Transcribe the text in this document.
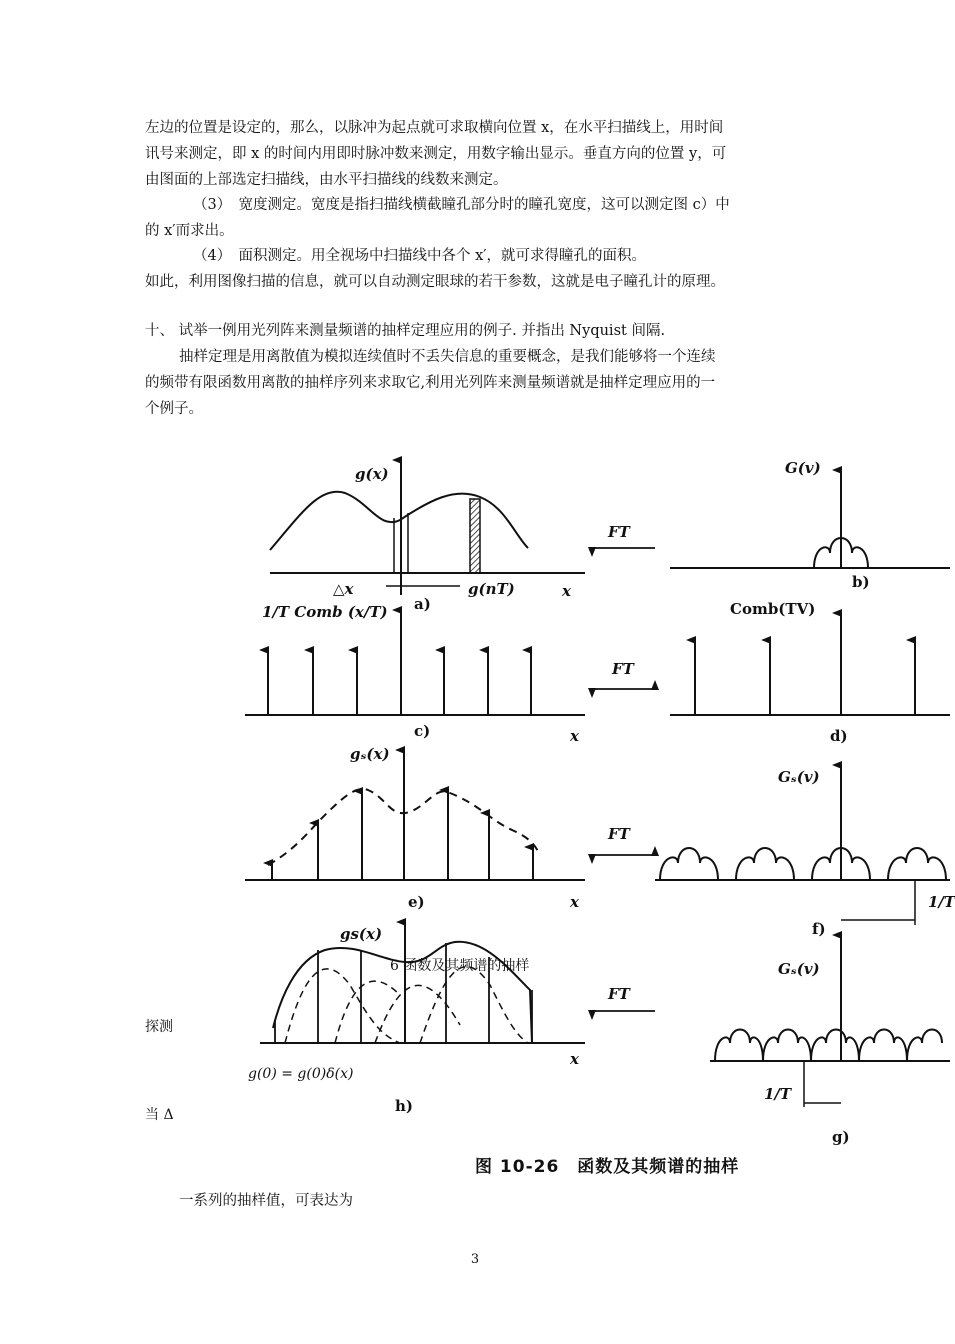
左边的位置是设定的，那么，以脉冲为起点就可求取横向位置 x，在水平扫描线上，用时间
讯号来测定，即 x 的时间内用即时脉冲数来测定，用数字输出显示。垂直方向的位置 y，可
由图面的上部选定扫描线，由水平扫描线的线数来测定。
（3）　宽度测定。宽度是指扫描线横截瞳孔部分时的瞳孔宽度，这可以测定图 c）中
的 x′而求出。
（4）　面积测定。用全视场中扫描线中各个 x′，就可求得瞳孔的面积。
如此，利用图像扫描的信息，就可以自动测定眼球的若干参数，这就是电子瞳孔计的原理。
十、 试举一例用光列阵来测量频谱的抽样定理应用的例子. 并指出 Nyquist 间隔.
抽样定理是用离散值为模拟连续值时不丢失信息的重要概念，是我们能够将一个连续
的频带有限函数用离散的抽样序列来求取它,利用光列阵来测量频谱就是抽样定理应用的一
个例子。
g(x)	G(v)
△x	g(nT)	x
a)
b)
1/T Comb (x/T)	Comb(TV)
c)	x	d)
gₛ(x)
Gₛ(v)
e)	x
f)
1/T
gs(x)
Gₛ(v)
x
h)
1/T
g)
FT
FT
FT
FT
6 函数及其频谱的抽样
探测
g(0) = g(0)δ(x)
当 Δ
图 10-26　函数及其频谱的抽样
一系列的抽样值，可表达为
3
